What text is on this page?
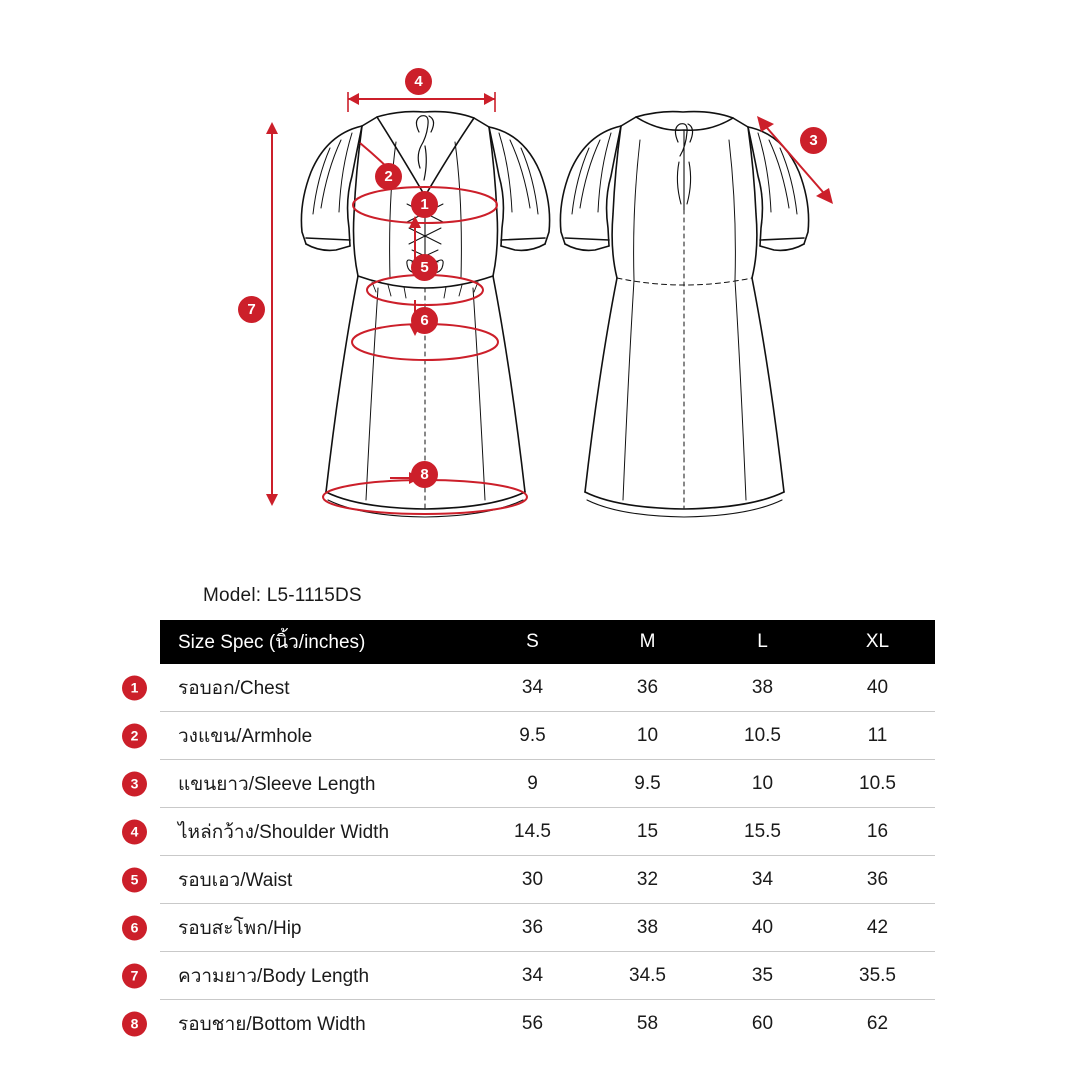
4
2
1
5
6
7
8
3
Model: L5-1115DS
Size Spec (นิ้ว/inches)	S	M	L	XL

1 รอบอก/Chest	34	36	38	40

2 วงแขน/Armhole	9.5	10	10.5	11

3 แขนยาว/Sleeve Length	9	9.5	10	10.5

4 ไหล่กว้าง/Shoulder Width	14.5	15	15.5	16

5 รอบเอว/Waist	30	32	34	36

6 รอบสะโพก/Hip	36	38	40	42

7 ความยาว/Body Length	34	34.5	35	35.5

8 รอบชาย/Bottom Width	56	58	60	62
